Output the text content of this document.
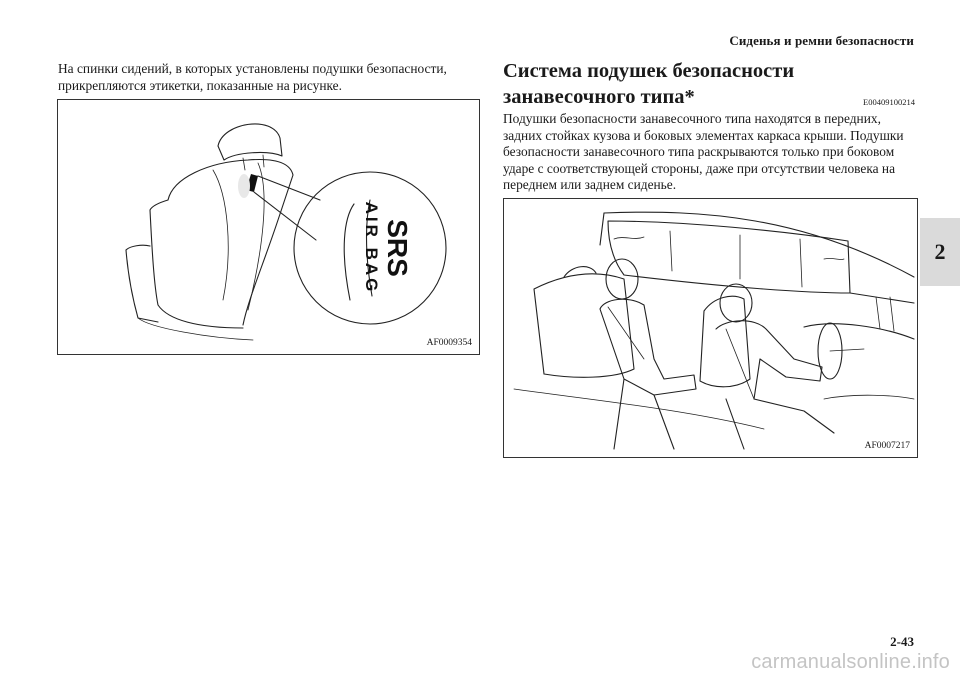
Сиденья и ремни безопасности
2
На спинки сидений, в которых установлены подушки безопасности, прикрепляются этикетки, показанные на рисунке.
SRS
AIR BAG
AF0009354
Система подушек безопасности занавесочного типа*	E00409100214
Подушки безопасности занавесочного типа находятся в передних, задних стойках кузова и боковых элементах каркаса крыши. Подушки безопасности занавесочного типа раскрываются только при боковом ударе с соответствующей стороны, даже при отсутствии человека на переднем или заднем сиденье.
AF0007217
2-43
carmanualsonline.info
